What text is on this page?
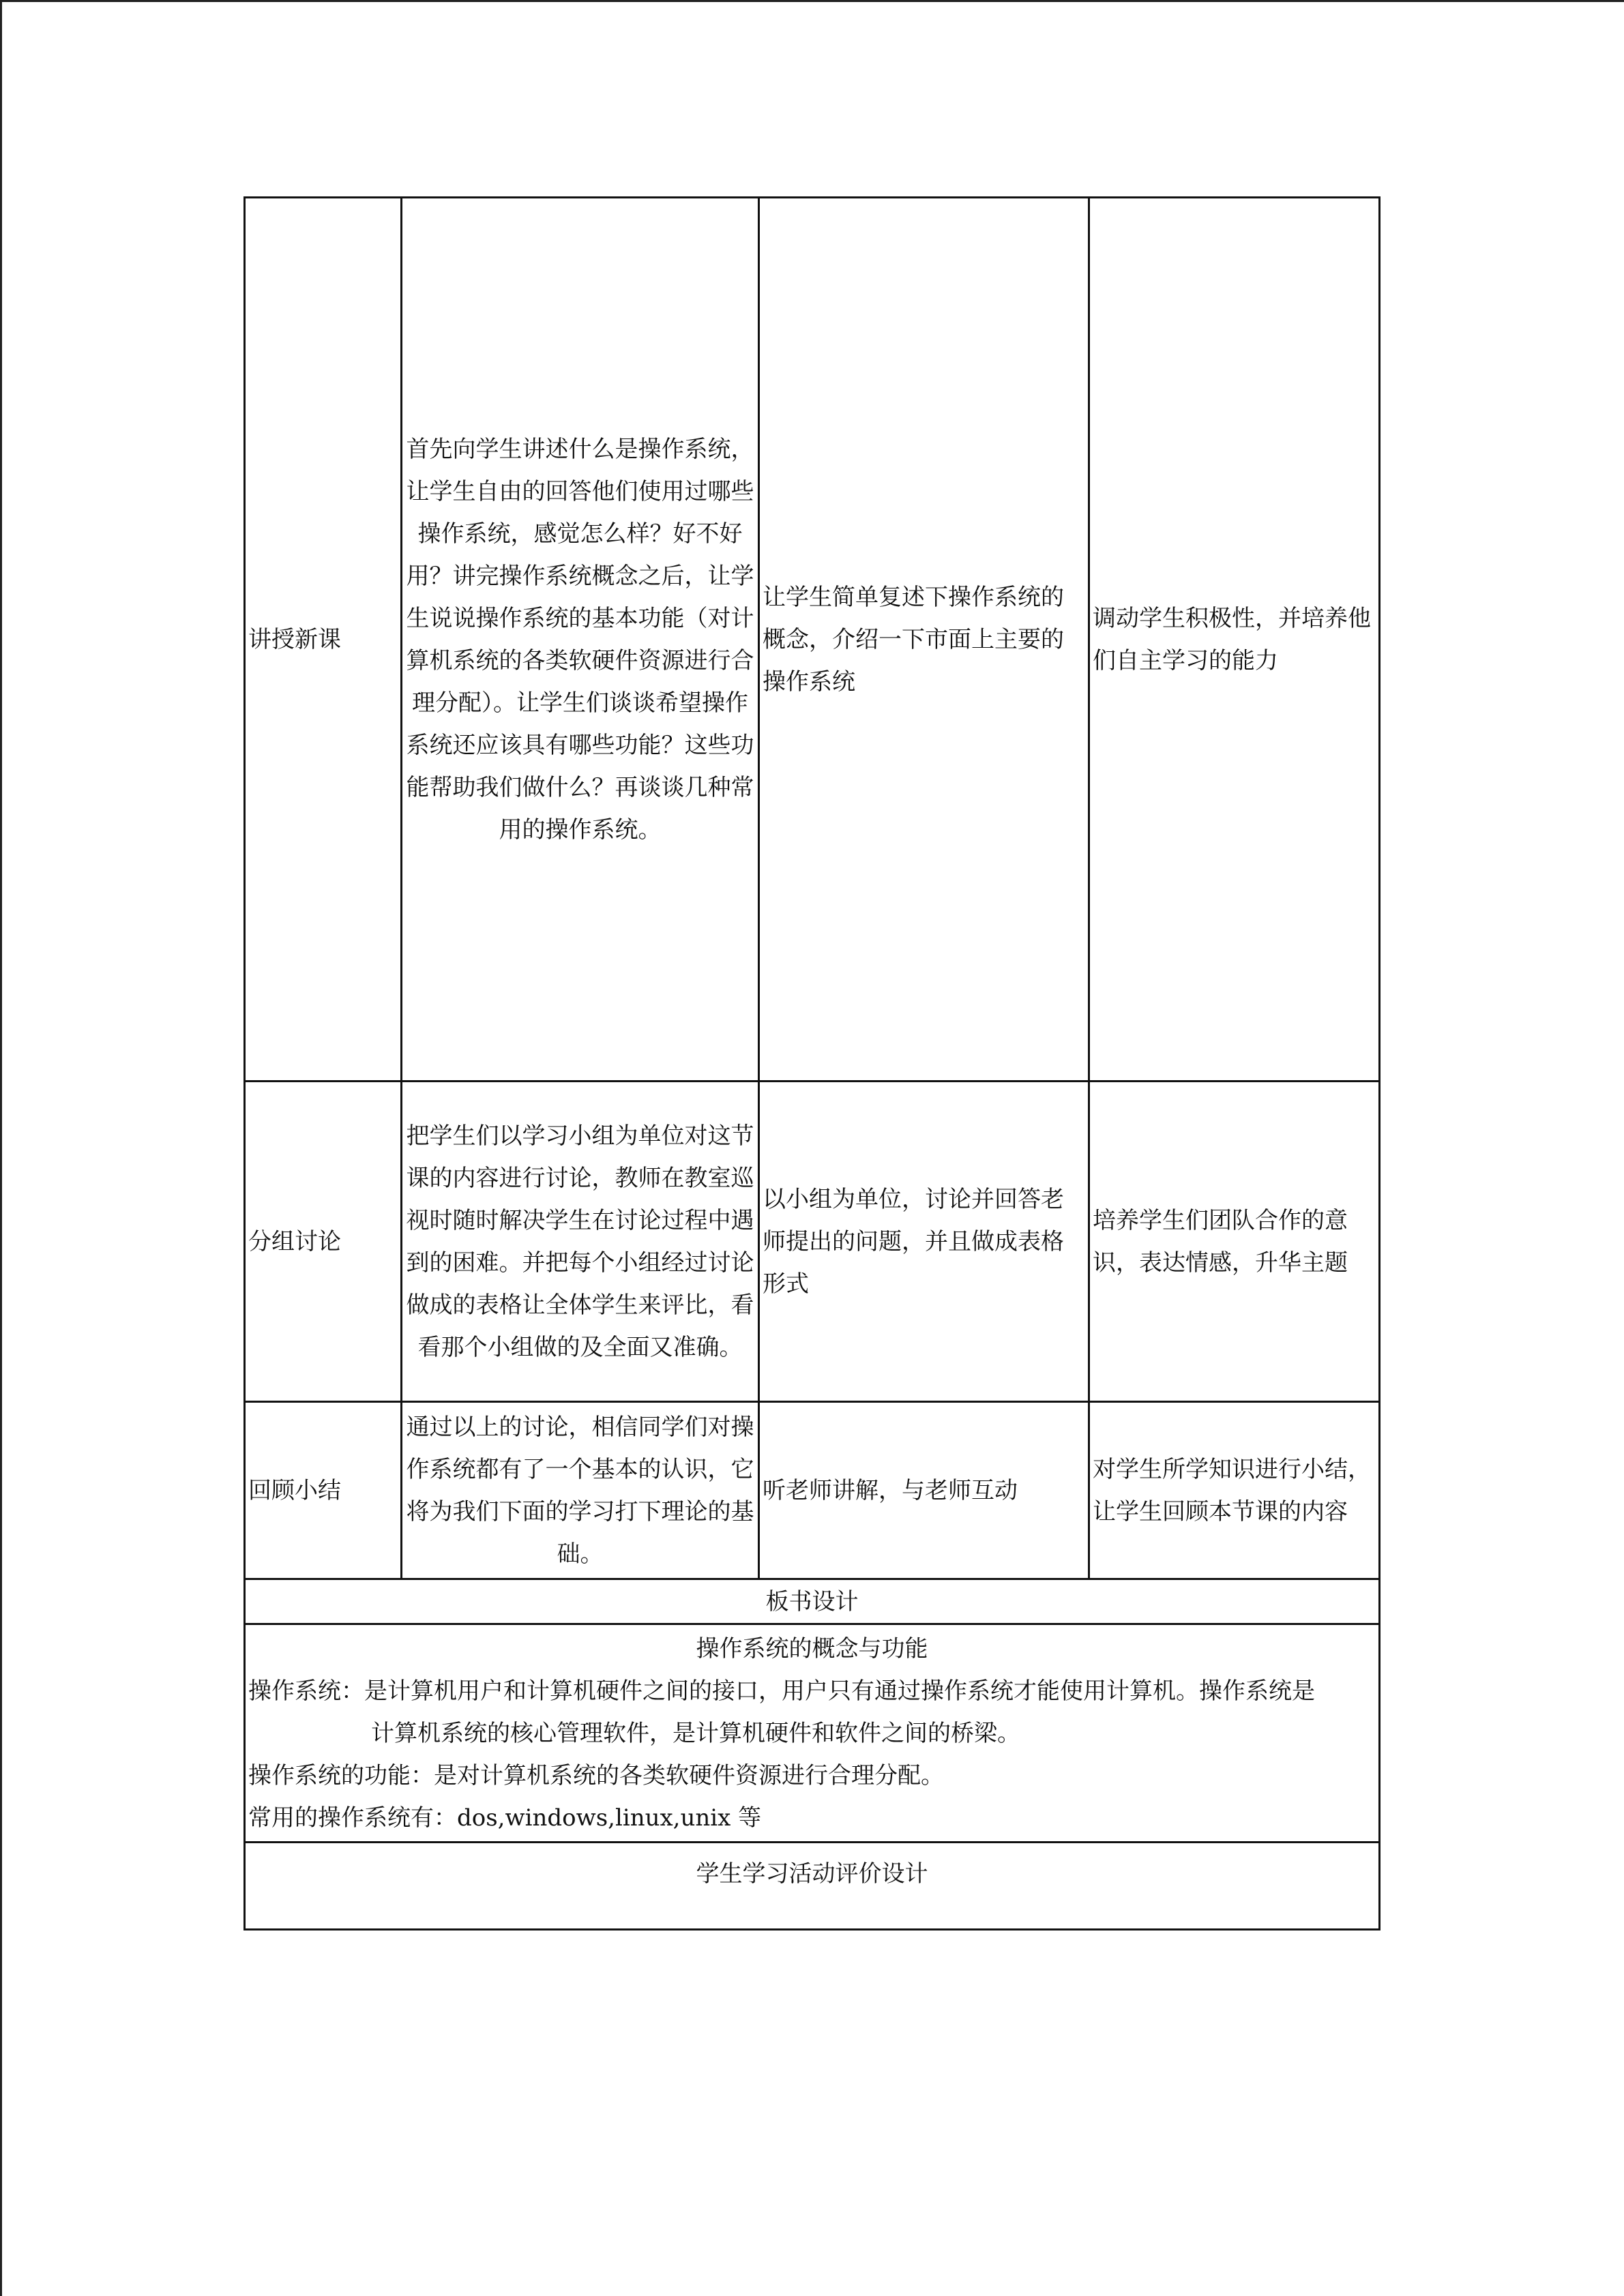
讲授新课	首先向学生讲述什么是操作系统，让学生自由的回答他们使用过哪些操作系统，感觉怎么样？好不好用？讲完操作系统概念之后，让学生说说操作系统的基本功能（对计算机系统的各类软硬件资源进行合理分配）。让学生们谈谈希望操作系统还应该具有哪些功能？这些功能帮助我们做什么？再谈谈几种常用的操作系统。	让学生简单复述下操作系统的概念，介绍一下市面上主要的操作系统	调动学生积极性，并培养他们自主学习的能力
分组讨论	把学生们以学习小组为单位对这节课的内容进行讨论，教师在教室巡视时随时解决学生在讨论过程中遇到的困难。并把每个小组经过讨论做成的表格让全体学生来评比，看看那个小组做的及全面又准确。	以小组为单位，讨论并回答老师提出的问题，并且做成表格形式	培养学生们团队合作的意识，表达情感，升华主题
回顾小结	通过以上的讨论，相信同学们对操作系统都有了一个基本的认识，它将为我们下面的学习打下理论的基础。	听老师讲解，与老师互动	对学生所学知识进行小结，让学生回顾本节课的内容
板书设计			

操作系统的概念与功能
操作系统：是计算机用户和计算机硬件之间的接口，用户只有通过操作系统才能使用计算机。操作系统是
计算机系统的核心管理软件，是计算机硬件和软件之间的桥梁。
操作系统的功能：是对计算机系统的各类软硬件资源进行合理分配。
常用的操作系统有：dos,windows,linux,unix 等			

学生学习活动评价设计			
